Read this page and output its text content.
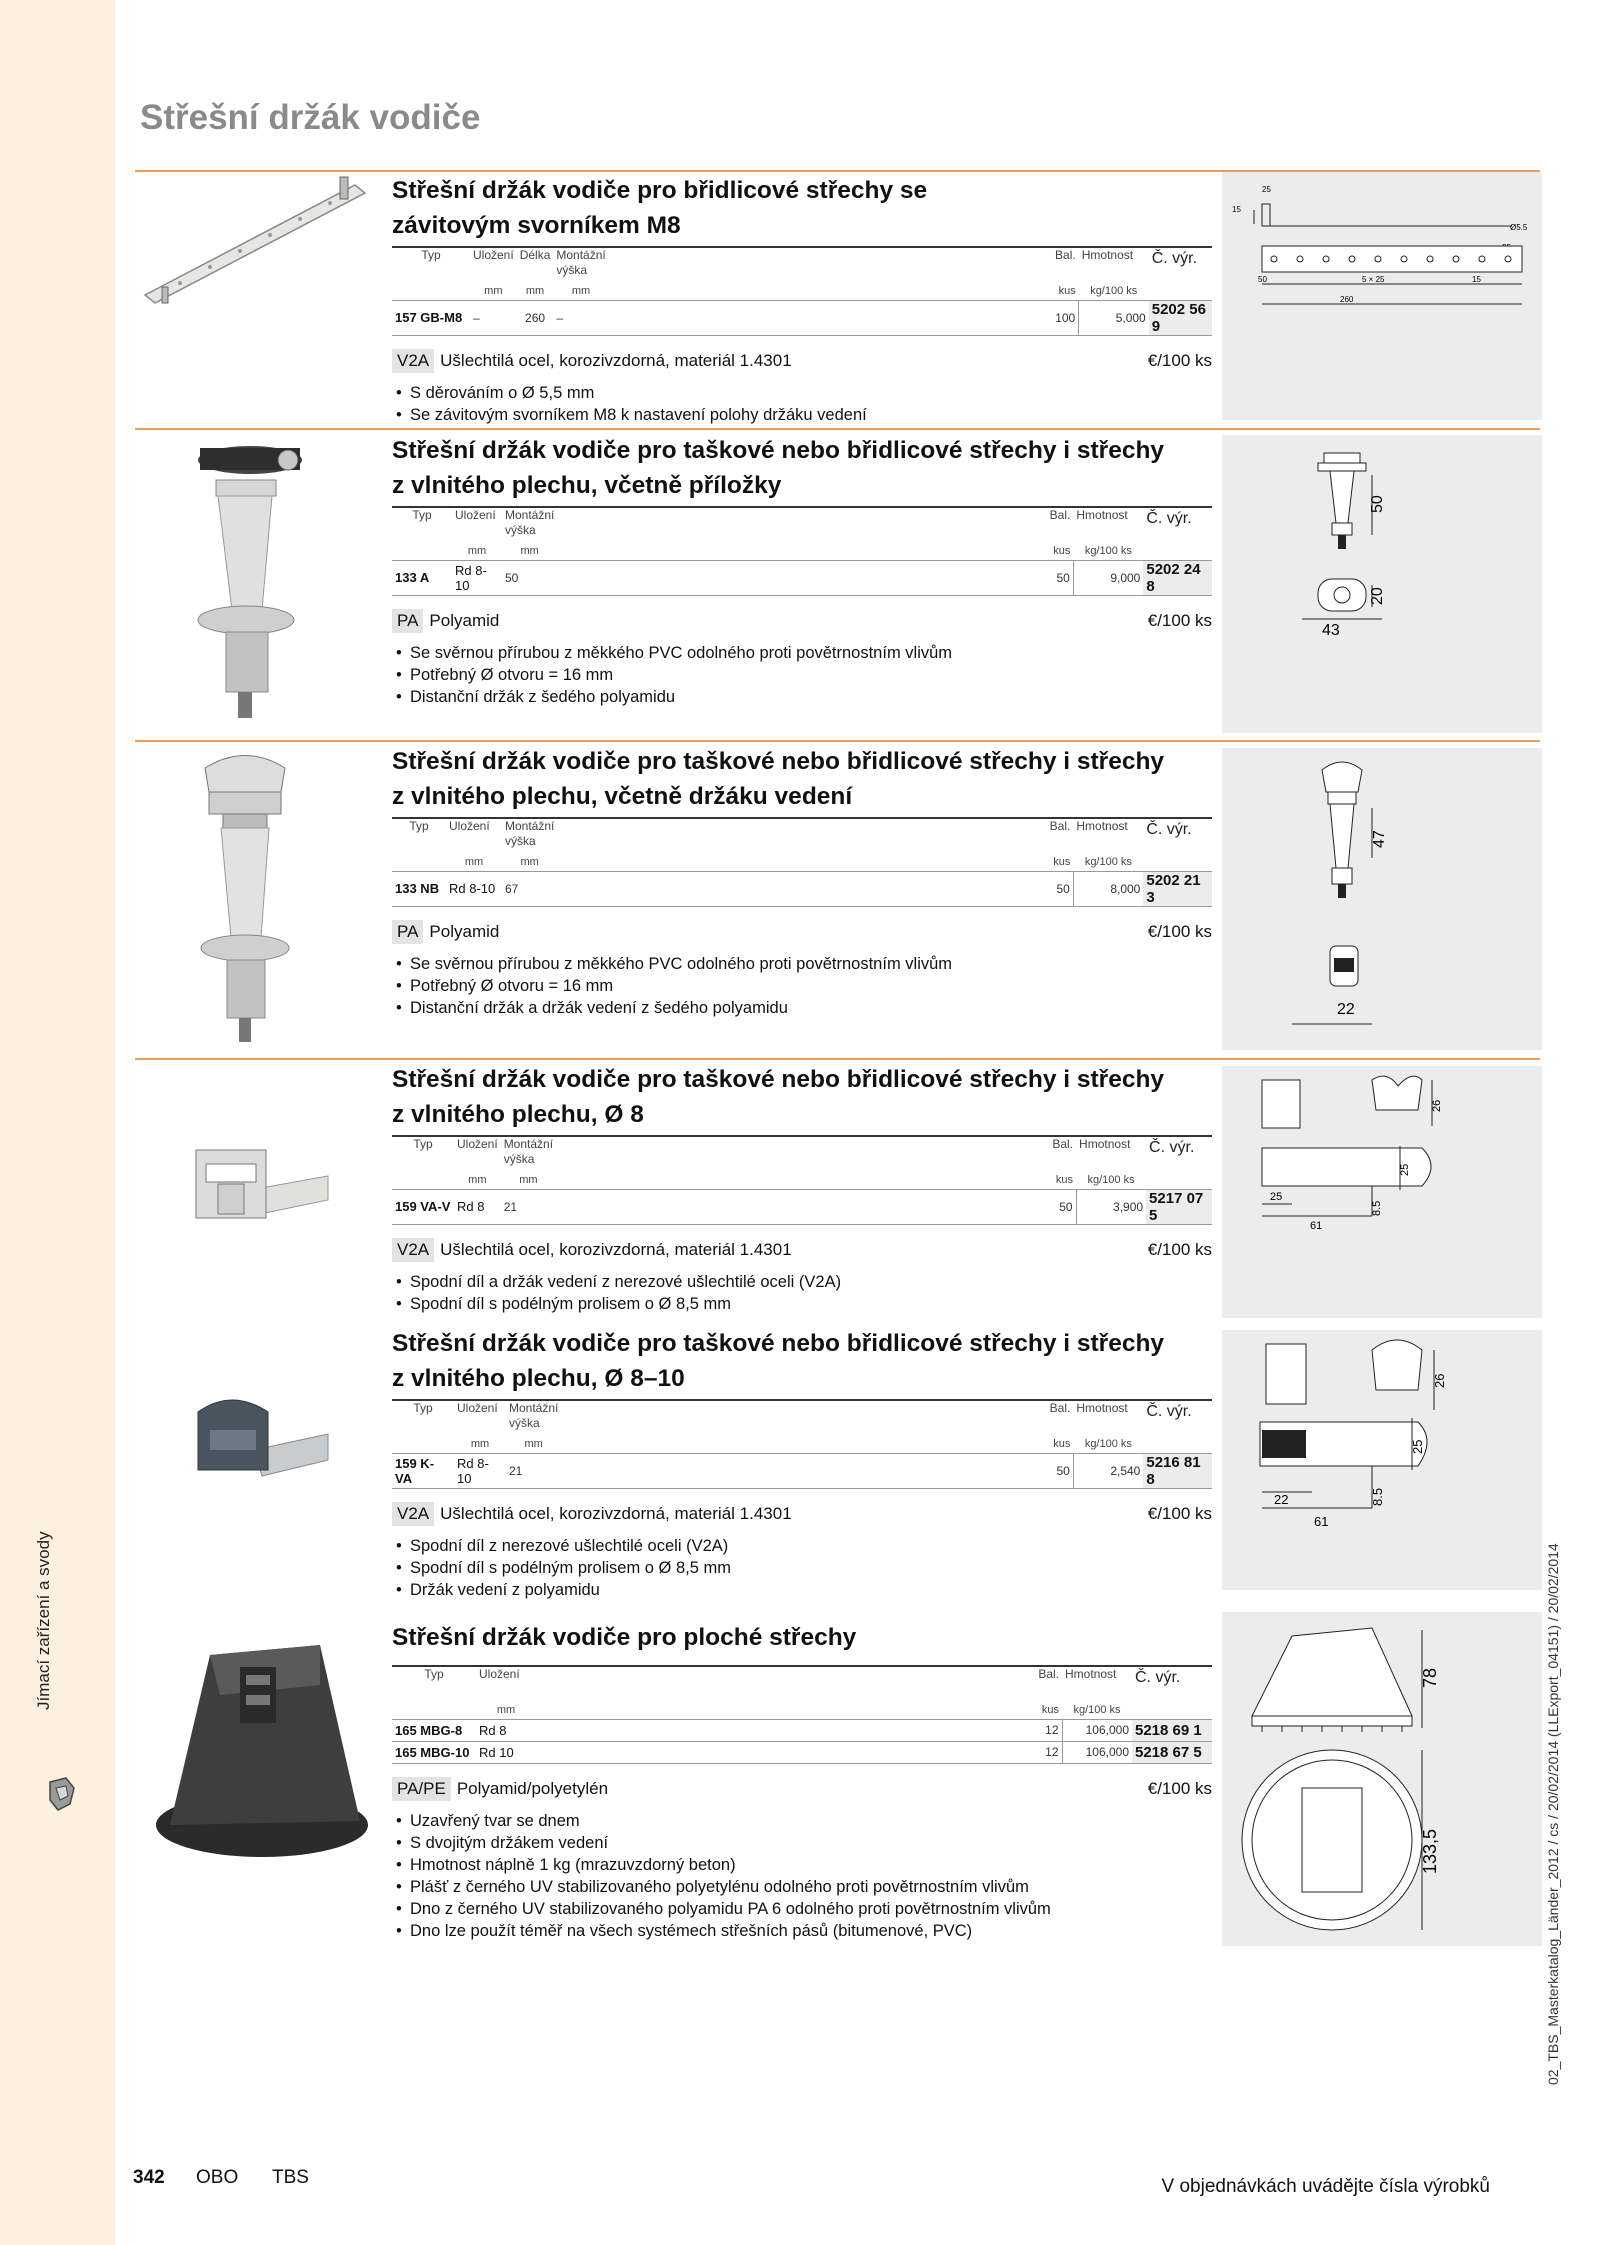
Jímací zařízení a svody
Střešní držák vodiče
15
25
Ø5.5
50	5 × 25	15
260
50
20
43
47
22
26
25
25
61
8.5
26
25
22
61
8.5
78
133,5
Střešní držák vodiče pro břidlicové střechy se
závitovým svorníkem M8
Typ	Uložení	Délka	Montážní výška		Bal.	Hmotnost	Č. výr.
	mm	mm	mm		kus	kg/100 ks	
157 GB-M8	–	260	–		100	5,000	5202 56 9
V2A Ušlechtilá ocel, korozivzdorná, materiál 1.4301	€/100 ks
• S děrováním o Ø 5,5 mm
• Se závitovým svorníkem M8 k nastavení polohy držáku vedení
Střešní držák vodiče pro taškové nebo břidlicové střechy i střechy
z vlnitého plechu, včetně příložky
Typ	Uložení	Montážní výška		Bal.	Hmotnost	Č. výr.
	mm	mm		kus	kg/100 ks	
133 A	Rd 8-10	50		50	9,000	5202 24 8
PA Polyamid	€/100 ks
• Se svěrnou přírubou z měkkého PVC odolného proti povětrnostním vlivům
• Potřebný Ø otvoru = 16 mm
• Distanční držák z šedého polyamidu
Střešní držák vodiče pro taškové nebo břidlicové střechy i střechy
z vlnitého plechu, včetně držáku vedení
Typ	Uložení	Montážní výška		Bal.	Hmotnost	Č. výr.
	mm	mm		kus	kg/100 ks	
133 NB	Rd 8-10	67		50	8,000	5202 21 3
PA Polyamid	€/100 ks
• Se svěrnou přírubou z měkkého PVC odolného proti povětrnostním vlivům
• Potřebný Ø otvoru = 16 mm
• Distanční držák a držák vedení z šedého polyamidu
Střešní držák vodiče pro taškové nebo břidlicové střechy i střechy
z vlnitého plechu, Ø 8
Typ	Uložení	Montážní výška		Bal.	Hmotnost	Č. výr.
	mm	mm		kus	kg/100 ks	
159 VA-V	Rd 8	21		50	3,900	5217 07 5
V2A Ušlechtilá ocel, korozivzdorná, materiál 1.4301	€/100 ks
• Spodní díl a držák vedení z nerezové ušlechtilé oceli (V2A)
• Spodní díl s podélným prolisem o Ø 8,5 mm
Střešní držák vodiče pro taškové nebo břidlicové střechy i střechy
z vlnitého plechu, Ø 8–10
Typ	Uložení	Montážní výška		Bal.	Hmotnost	Č. výr.
	mm	mm		kus	kg/100 ks	
159 K-VA	Rd 8-10	21		50	2,540	5216 81 8
V2A Ušlechtilá ocel, korozivzdorná, materiál 1.4301	€/100 ks
• Spodní díl z nerezové ušlechtilé oceli (V2A)
• Spodní díl s podélným prolisem o Ø 8,5 mm
• Držák vedení z polyamidu
Střešní držák vodiče pro ploché střechy
Typ	Uložení		Bal.	Hmotnost	Č. výr.
	mm		kus	kg/100 ks	
165 MBG-8	Rd 8		12	106,000	5218 69 1
165 MBG-10	Rd 10		12	106,000	5218 67 5
PA/PE Polyamid/polyetylén	€/100 ks
• Uzavřený tvar se dnem
• S dvojitým držákem vedení
• Hmotnost náplně 1 kg (mrazuvzdorný beton)
• Plášť z černého UV stabilizovaného polyetylénu odolného proti povětrnostním vlivům
• Dno z černého UV stabilizovaného polyamidu PA 6 odolného proti povětrnostním vlivům
• Dno lze použít téměř na všech systémech střešních pásů (bitumenové, PVC)	02_TBS_Masterkatalog_Länder_2012 / cs / 20/02/2014 (LLExport_04151) / 20/02/2014
342 OBO TBS	V objednávkách uvádějte čísla výrobků
